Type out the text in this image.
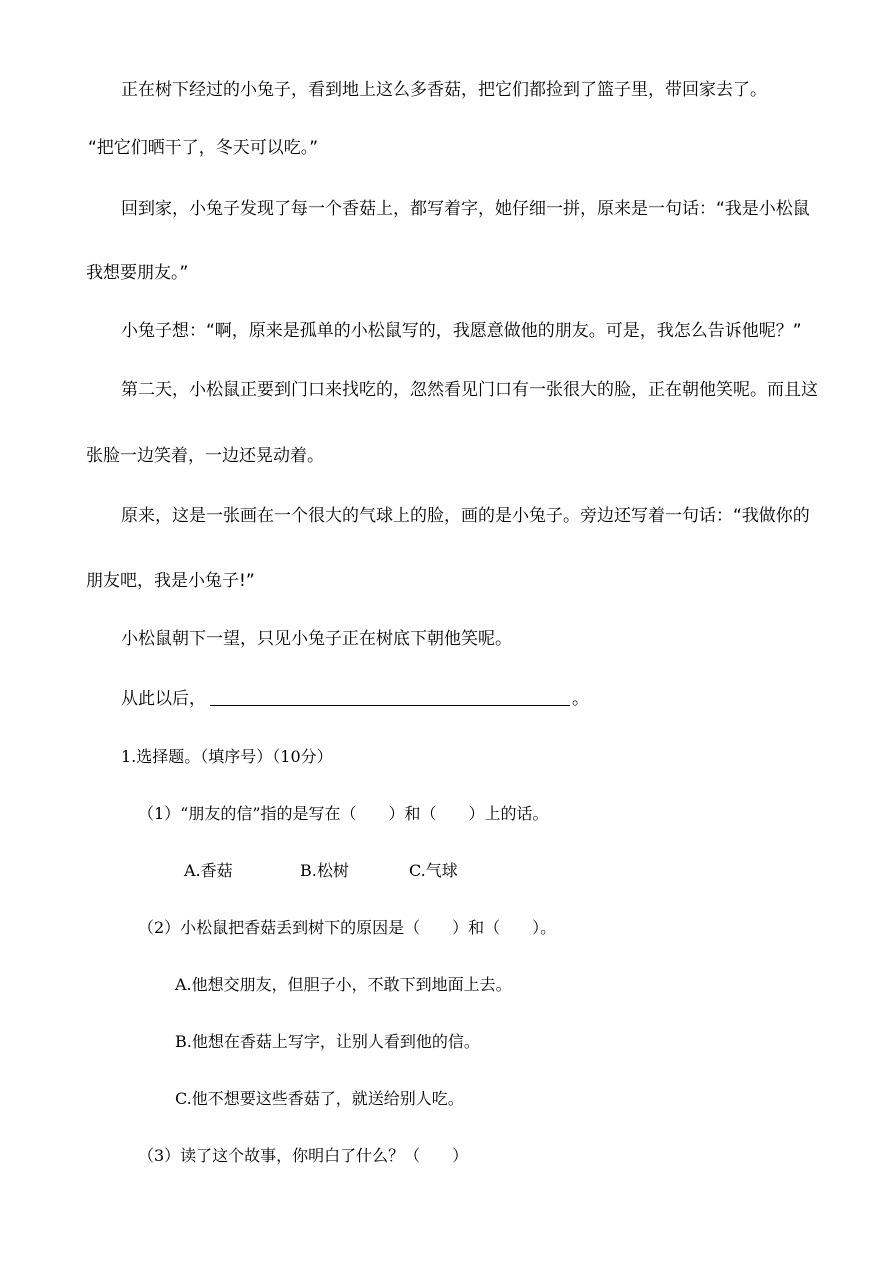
正在树下经过的小兔子，看到地上这么多香菇，把它们都捡到了篮子里，带回家去了。
“把它们晒干了，冬天可以吃。”
回到家，小兔子发现了每一个香菇上，都写着字，她仔细一拼，原来是一句话：“我是小松鼠
我想要朋友。”
小兔子想：“啊，原来是孤单的小松鼠写的，我愿意做他的朋友。可是，我怎么告诉他呢？”
第二天，小松鼠正要到门口来找吃的，忽然看见门口有一张很大的脸，正在朝他笑呢。而且这
张脸一边笑着，一边还晃动着。
原来，这是一张画在一个很大的气球上的脸，画的是小兔子。旁边还写着一句话：“我做你的
朋友吧，我是小兔子!”
小松鼠朝下一望，只见小兔子正在树底下朝他笑呢。
从此以后，	。
1.选择题。（填序号）（10分）
（1）“朋友的信”指的是写在（　　）和（　　）上的话。
A.香菇	B.松树	C.气球
（2）小松鼠把香菇丢到树下的原因是（　　）和（　　）。
A.他想交朋友，但胆子小，不敢下到地面上去。
B.他想在香菇上写字，让别人看到他的信。
C.他不想要这些香菇了，就送给别人吃。
（3）读了这个故事，你明白了什么？（　　）
